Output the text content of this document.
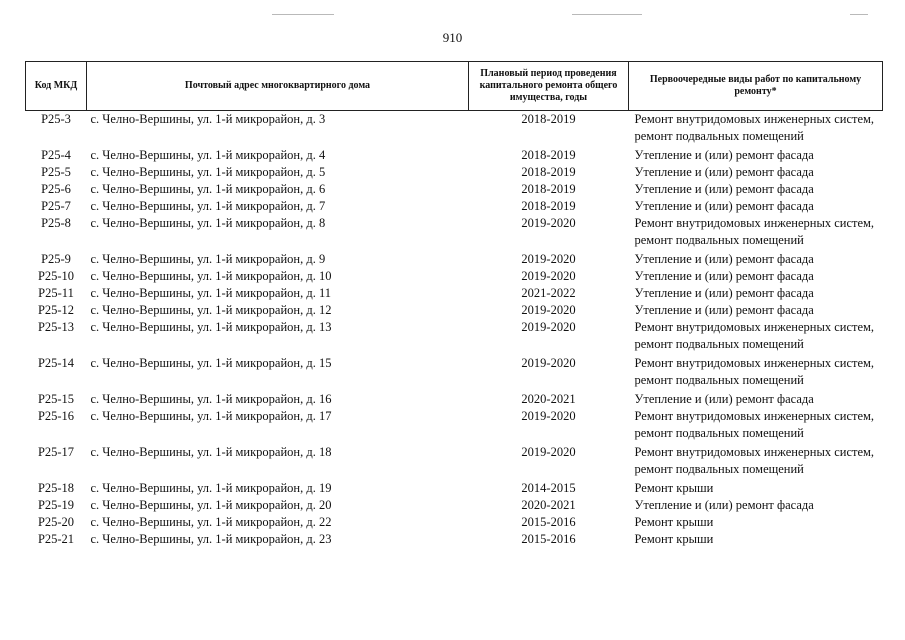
910
Код МКД	Почтовый адрес многоквартирного дома	Плановый период проведения капитального ремонта общего имущества, годы	Первоочередные виды работ по капитальному ремонту*
Р25-3	с. Челно-Вершины, ул. 1-й микрорайон, д. 3	2018-2019	Ремонт внутридомовых инженерных систем, ремонт подвальных помещений
Р25-4	с. Челно-Вершины, ул. 1-й микрорайон, д. 4	2018-2019	Утепление и (или) ремонт фасада
Р25-5	с. Челно-Вершины, ул. 1-й микрорайон, д. 5	2018-2019	Утепление и (или) ремонт фасада
Р25-6	с. Челно-Вершины, ул. 1-й микрорайон, д. 6	2018-2019	Утепление и (или) ремонт фасада
Р25-7	с. Челно-Вершины, ул. 1-й микрорайон, д. 7	2018-2019	Утепление и (или) ремонт фасада
Р25-8	с. Челно-Вершины, ул. 1-й микрорайон, д. 8	2019-2020	Ремонт внутридомовых инженерных систем, ремонт подвальных помещений
Р25-9	с. Челно-Вершины, ул. 1-й микрорайон, д. 9	2019-2020	Утепление и (или) ремонт фасада
Р25-10	с. Челно-Вершины, ул. 1-й микрорайон, д. 10	2019-2020	Утепление и (или) ремонт фасада
Р25-11	с. Челно-Вершины, ул. 1-й микрорайон, д. 11	2021-2022	Утепление и (или) ремонт фасада
Р25-12	с. Челно-Вершины, ул. 1-й микрорайон, д. 12	2019-2020	Утепление и (или) ремонт фасада
Р25-13	с. Челно-Вершины, ул. 1-й микрорайон, д. 13	2019-2020	Ремонт внутридомовых инженерных систем, ремонт подвальных помещений
Р25-14	с. Челно-Вершины, ул. 1-й микрорайон, д. 15	2019-2020	Ремонт внутридомовых инженерных систем, ремонт подвальных помещений
Р25-15	с. Челно-Вершины, ул. 1-й микрорайон, д. 16	2020-2021	Утепление и (или) ремонт фасада
Р25-16	с. Челно-Вершины, ул. 1-й микрорайон, д. 17	2019-2020	Ремонт внутридомовых инженерных систем, ремонт подвальных помещений
Р25-17	с. Челно-Вершины, ул. 1-й микрорайон, д. 18	2019-2020	Ремонт внутридомовых инженерных систем, ремонт подвальных помещений
Р25-18	с. Челно-Вершины, ул. 1-й микрорайон, д. 19	2014-2015	Ремонт крыши
Р25-19	с. Челно-Вершины, ул. 1-й микрорайон, д. 20	2020-2021	Утепление и (или) ремонт фасада
Р25-20	с. Челно-Вершины, ул. 1-й микрорайон, д. 22	2015-2016	Ремонт крыши
Р25-21	с. Челно-Вершины, ул. 1-й микрорайон, д. 23	2015-2016	Ремонт крыши
